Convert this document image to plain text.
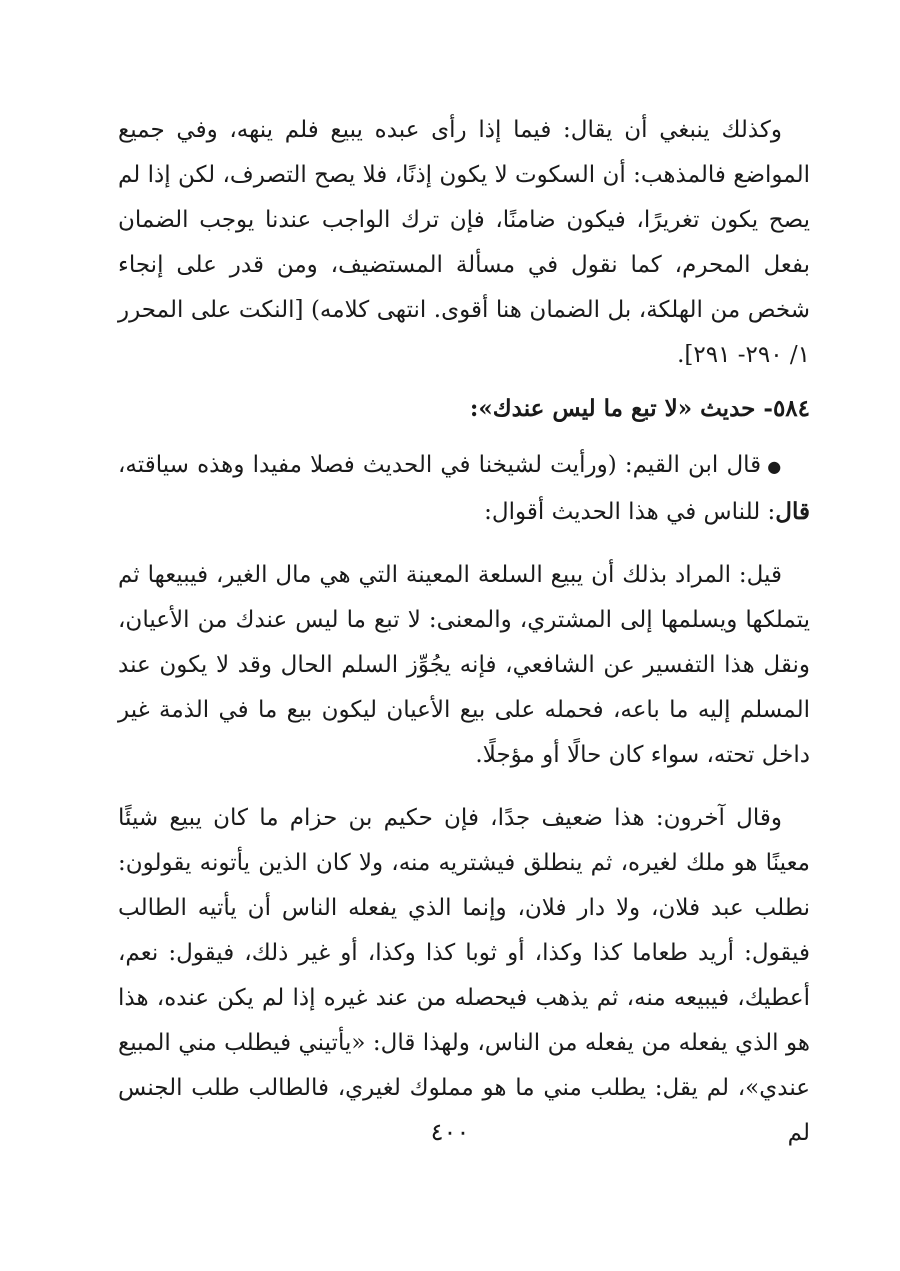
وكذلك ينبغي أن يقال: فيما إذا رأى عبده يبيع فلم ينهه، وفي جميع المواضع فالمذهب: أن السكوت لا يكون إذنًا، فلا يصح التصرف، لكن إذا لم يصح يكون تغريرًا، فيكون ضامنًا، فإن ترك الواجب عندنا يوجب الضمان بفعل المحرم، كما نقول في مسألة المستضيف، ومن قدر على إنجاء شخص من الهلكة، بل الضمان هنا أقوى. انتهى كلامه) [النكت على المحرر ١/ ٢٩٠- ٢٩١].

٥٨٤- حديث «لا تبع ما ليس عندك»:

●قال ابن القيم: (ورأيت لشيخنا في الحديث فصلا مفيدا وهذه سياقته، قال: للناس في هذا الحديث أقوال:

قيل: المراد بذلك أن يبيع السلعة المعينة التي هي مال الغير، فيبيعها ثم يتملكها ويسلمها إلى المشتري، والمعنى: لا تبع ما ليس عندك من الأعيان، ونقل هذا التفسير عن الشافعي، فإنه يجُوِّز السلم الحال وقد لا يكون عند المسلم إليه ما باعه، فحمله على بيع الأعيان ليكون بيع ما في الذمة غير داخل تحته، سواء كان حالًا أو مؤجلًا.

وقال آخرون: هذا ضعيف جدًا، فإن حكيم بن حزام ما كان يبيع شيئًا معينًا هو ملك لغيره، ثم ينطلق فيشتريه منه، ولا كان الذين يأتونه يقولون: نطلب عبد فلان، ولا دار فلان، وإنما الذي يفعله الناس أن يأتيه الطالب فيقول: أريد طعاما كذا وكذا، أو ثوبا كذا وكذا، أو غير ذلك، فيقول: نعم، أعطيك، فيبيعه منه، ثم يذهب فيحصله من عند غيره إذا لم يكن عنده، هذا هو الذي يفعله من يفعله من الناس، ولهذا قال: «يأتيني فيطلب مني المبيع عندي»، لم يقل: يطلب مني ما هو مملوك لغيري، فالطالب طلب الجنس لم

٤٠٠
